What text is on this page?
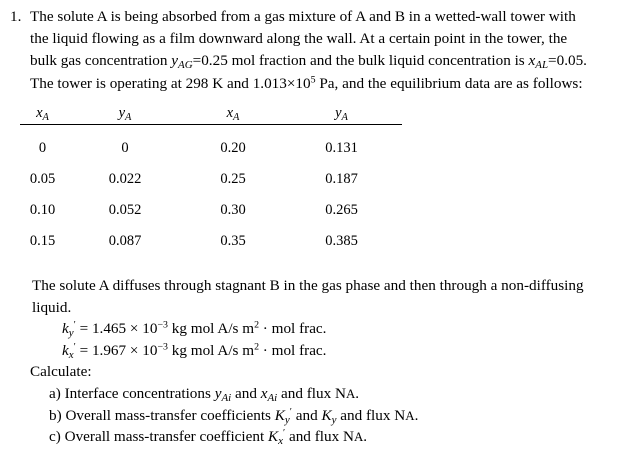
1. The solute A is being absorbed from a gas mixture of A and B in a wetted-wall tower with
the liquid flowing as a film downward along the wall. At a certain point in the tower, the
bulk gas concentration $y_{AG}=0.25$ mol fraction and the bulk liquid concentration is $x_{AL}=0.05$.
The tower is operating at 298 K and $1.013\times 10^5$ Pa, and the equilibrium data are as follows:
$x_A$	$y_A$	$x_A$	$y_A$
0	0	0.20	0.131
0.05	0.022	0.25	0.187
0.10	0.052	0.30	0.265
0.15	0.087	0.35	0.385
The solute A diffuses through stagnant B in the gas phase and then through a non-diffusing
liquid.
$k_y' = 1.465 \times 10^{-3}$ kg mol A/s $m^2$ · mol frac.
$k_x' = 1.967 \times 10^{-3}$ kg mol A/s $m^2$ · mol frac.
Calculate:
a) Interface concentrations $y_{Ai}$ and $x_{Ai}$ and flux NA.
b) Overall mass-transfer coefficients $K_y'$ and $K_y$ and flux NA.
c) Overall mass-transfer coefficient $K_x'$ and flux NA.
